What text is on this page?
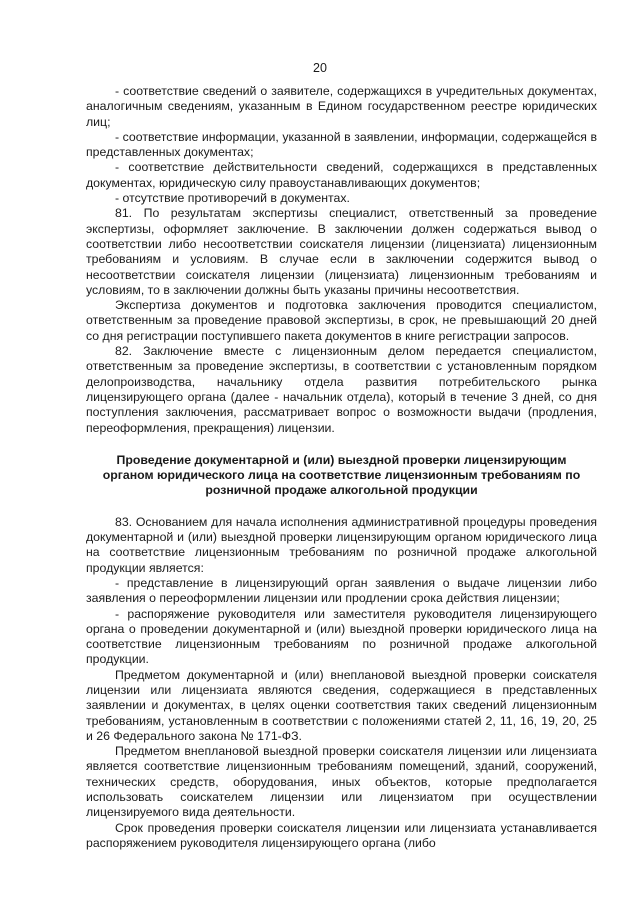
20

- соответствие сведений о заявителе, содержащихся в учредительных документах, аналогичным сведениям, указанным в Едином государственном реестре юридических лиц;

- соответствие информации, указанной в заявлении, информации, содержащейся в представленных документах;

- соответствие действительности сведений, содержащихся в представленных документах, юридическую силу правоустанавливающих документов;

- отсутствие противоречий в документах.

81. По результатам экспертизы специалист, ответственный за проведение экспертизы, оформляет заключение. В заключении должен содержаться вывод о соответствии либо несоответствии соискателя лицензии (лицензиата) лицензионным требованиям и условиям. В случае если в заключении содержится вывод о несоответствии соискателя лицензии (лицензиата) лицензионным требованиям и условиям, то в заключении должны быть указаны причины несоответствия.

Экспертиза документов и подготовка заключения проводится специалистом, ответственным за проведение правовой экспертизы, в срок, не превышающий 20 дней со дня регистрации поступившего пакета документов в книге регистрации запросов.

82. Заключение вместе с лицензионным делом передается специалистом, ответственным за проведение экспертизы, в соответствии с установленным порядком делопроизводства, начальнику отдела развития потребительского рынка лицензирующего органа (далее - начальник отдела), который в течение 3 дней, со дня поступления заключения, рассматривает вопрос о возможности выдачи (продления, переоформления, прекращения) лицензии.

Проведение документарной и (или) выездной проверки лицензирующим органом юридического лица на соответствие лицензионным требованиям по розничной продаже алкогольной продукции

83. Основанием для начала исполнения административной процедуры проведения документарной и (или) выездной проверки лицензирующим органом юридического лица на соответствие лицензионным требованиям по розничной продаже алкогольной продукции является:

- представление в лицензирующий орган заявления о выдаче лицензии либо заявления о переоформлении лицензии или продлении срока действия лицензии;

- распоряжение руководителя или заместителя руководителя лицензирующего органа о проведении документарной и (или) выездной проверки юридического лица на соответствие лицензионным требованиям по розничной продаже алкогольной продукции.

Предметом документарной и (или) внеплановой выездной проверки соискателя лицензии или лицензиата являются сведения, содержащиеся в представленных заявлении и документах, в целях оценки соответствия таких сведений лицензионным требованиям, установленным в соответствии с положениями статей 2, 11, 16, 19, 20, 25 и 26 Федерального закона № 171-ФЗ.

Предметом внеплановой выездной проверки соискателя лицензии или лицензиата является соответствие лицензионным требованиям помещений, зданий, сооружений, технических средств, оборудования, иных объектов, которые предполагается использовать соискателем лицензии или лицензиатом при осуществлении лицензируемого вида деятельности.

Срок проведения проверки соискателя лицензии или лицензиата устанавливается распоряжением руководителя лицензирующего органа (либо
